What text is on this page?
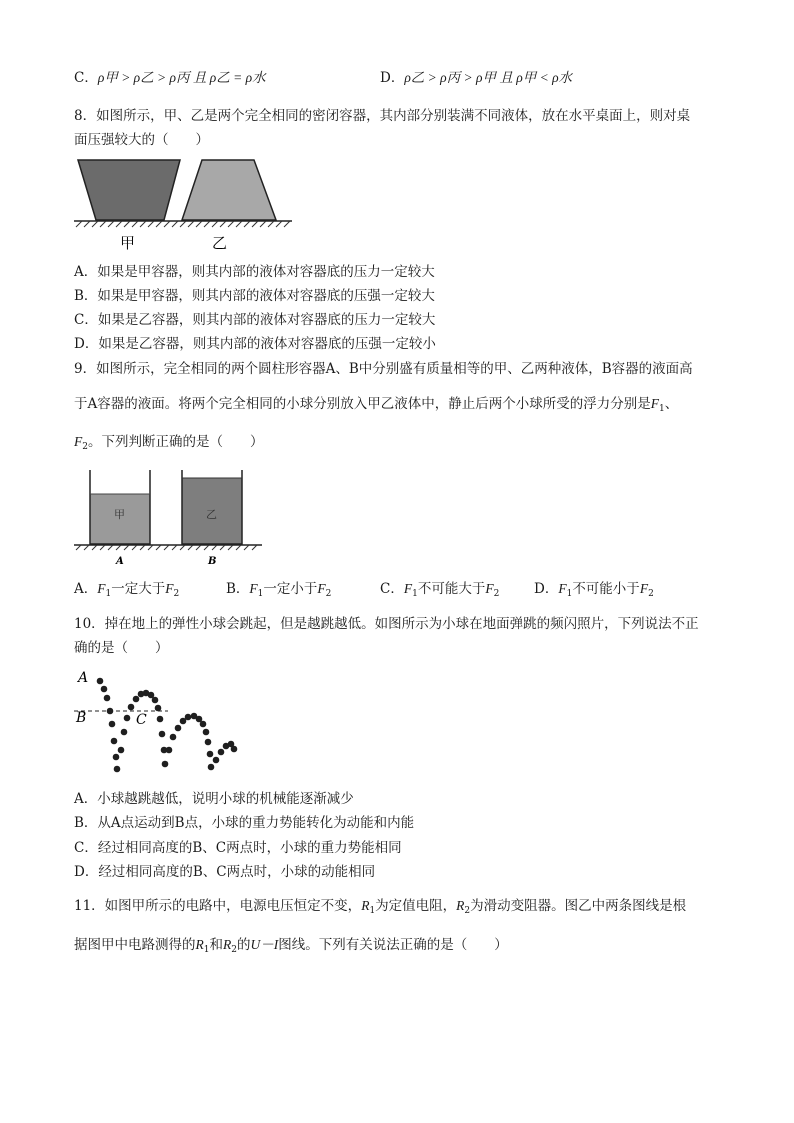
C．ρ甲 > ρ乙 > ρ丙 且 ρ乙 = ρ水	D．ρ乙 > ρ丙 > ρ甲 且 ρ甲 < ρ水
8．如图所示，甲、乙是两个完全相同的密闭容器，其内部分别装满不同液体，放在水平桌面上，则对桌
面压强较大的（　　）
甲	乙
A．如果是甲容器，则其内部的液体对容器底的压力一定较大
B．如果是甲容器，则其内部的液体对容器底的压强一定较大
C．如果是乙容器，则其内部的液体对容器底的压力一定较大
D．如果是乙容器，则其内部的液体对容器底的压强一定较小
9．如图所示，完全相同的两个圆柱形容器A、B中分别盛有质量相等的甲、乙两种液体，B容器的液面高
于A容器的液面。将两个完全相同的小球分别放入甲乙液体中，静止后两个小球所受的浮力分别是$F_1$、
$F_2$。下列判断正确的是（　　）
甲	乙
A	B
A．$F_1$一定大于$F_2$	B．$F_1$一定小于$F_2$	C．$F_1$不可能大于$F_2$	D．$F_1$不可能小于$F_2$
10．掉在地上的弹性小球会跳起，但是越跳越低。如图所示为小球在地面弹跳的频闪照片，下列说法不正
确的是（　　）
A
B	C
A．小球越跳越低，说明小球的机械能逐渐减少
B．从A点运动到B点，小球的重力势能转化为动能和内能
C．经过相同高度的B、C两点时，小球的重力势能相同
D．经过相同高度的B、C两点时，小球的动能相同
11．如图甲所示的电路中，电源电压恒定不变，$R_1$为定值电阻，$R_2$为滑动变阻器。图乙中两条图线是根
据图甲中电路测得的$R_1$和$R_2$的U－I图线。下列有关说法正确的是（　　）
